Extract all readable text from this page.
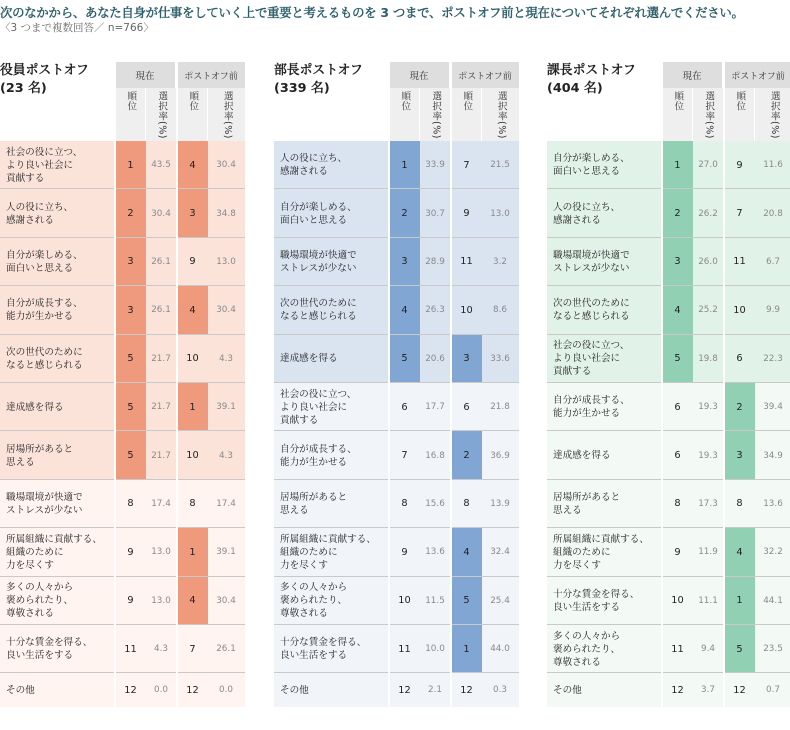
次のなかから、あなた自身が仕事をしていく上で重要と考えるものを 3 つまで、ポストオフ前と現在についてそれぞれ選んでください。
〈3 つまで複数回答／ n=766〉
役員ポストオフ
(23 名)
現在	ポストオフ前
順位 選択率(%) 順位 選択率(%)
社会の役に立つ、
より良い社会に
貢献する
1	43.5	4	30.4
人の役に立ち、
感謝される
2	30.4	3	34.8
自分が楽しめる、
面白いと思える
3	26.1	9	13.0
自分が成長する、
能力が生かせる
3	26.1	4	30.4
次の世代のために
なると感じられる
5	21.7	10	4.3
達成感を得る	5	21.7	1	39.1
居場所があると
思える
5	21.7	10	4.3
職場環境が快適で
ストレスが少ない
8	17.4	8	17.4
所属組織に貢献する、
組織のために
力を尽くす
9	13.0	1	39.1
多くの人々から
褒められたり、
尊敬される
9	13.0	4	30.4
十分な賃金を得る、
良い生活をする
11	4.3	7	26.1
その他	12	0.0	12	0.0
部長ポストオフ
(339 名)
現在	ポストオフ前
順位 選択率(%) 順位 選択率(%)
人の役に立ち、
感謝される
1	33.9	7	21.5
自分が楽しめる、
面白いと思える
2	30.7	9	13.0
職場環境が快適で
ストレスが少ない
3	28.9	11	3.2
次の世代のために
なると感じられる
4	26.3	10	8.6
達成感を得る	5	20.6	3	33.6
社会の役に立つ、
より良い社会に
貢献する
6	17.7	6	21.8
自分が成長する、
能力が生かせる
7	16.8	2	36.9
居場所があると
思える
8	15.6	8	13.9
所属組織に貢献する、
組織のために
力を尽くす
9	13.6	4	32.4
多くの人々から
褒められたり、
尊敬される
10	11.5	5	25.4
十分な賃金を得る、
良い生活をする
11	10.0	1	44.0
その他	12	2.1	12	0.3
課長ポストオフ
(404 名)
現在	ポストオフ前
順位 選択率(%) 順位 選択率(%)
自分が楽しめる、
面白いと思える
1	27.0	9	11.6
人の役に立ち、
感謝される
2	26.2	7	20.8
職場環境が快適で
ストレスが少ない
3	26.0	11	6.7
次の世代のために
なると感じられる
4	25.2	10	9.9
社会の役に立つ、
より良い社会に
貢献する
5	19.8	6	22.3
自分が成長する、
能力が生かせる
6	19.3	2	39.4
達成感を得る	6	19.3	3	34.9
居場所があると
思える
8	17.3	8	13.6
所属組織に貢献する、
組織のために
力を尽くす
9	11.9	4	32.2
十分な賃金を得る、
良い生活をする
10	11.1	1	44.1
多くの人々から
褒められたり、
尊敬される
11	9.4	5	23.5
その他	12	3.7	12	0.7
